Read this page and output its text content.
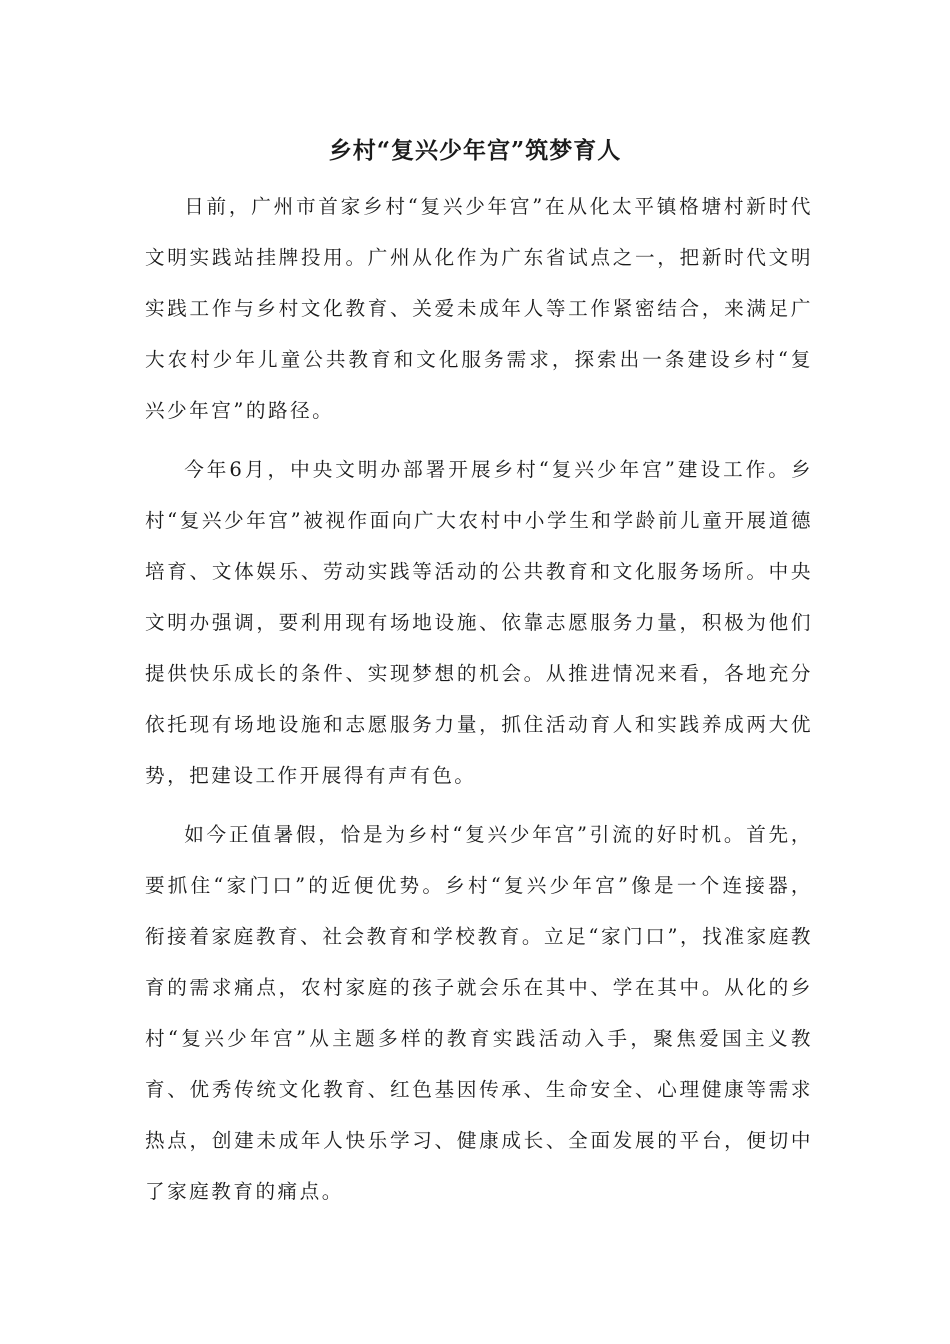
乡村“复兴少年宫”筑梦育人

日前，广州市首家乡村“复兴少年宫”在从化太平镇格塘村新时代文明实践站挂牌投用。广州从化作为广东省试点之一，把新时代文明实践工作与乡村文化教育、关爱未成年人等工作紧密结合，来满足广大农村少年儿童公共教育和文化服务需求，探索出一条建设乡村“复兴少年宫”的路径。

今年6月，中央文明办部署开展乡村“复兴少年宫”建设工作。乡村“复兴少年宫”被视作面向广大农村中小学生和学龄前儿童开展道德培育、文体娱乐、劳动实践等活动的公共教育和文化服务场所。中央文明办强调，要利用现有场地设施、依靠志愿服务力量，积极为他们提供快乐成长的条件、实现梦想的机会。从推进情况来看，各地充分依托现有场地设施和志愿服务力量，抓住活动育人和实践养成两大优势，把建设工作开展得有声有色。

如今正值暑假，恰是为乡村“复兴少年宫”引流的好时机。首先，要抓住“家门口”的近便优势。乡村“复兴少年宫”像是一个连接器，衔接着家庭教育、社会教育和学校教育。立足“家门口”，找准家庭教育的需求痛点，农村家庭的孩子就会乐在其中、学在其中。从化的乡村“复兴少年宫”从主题多样的教育实践活动入手，聚焦爱国主义教育、优秀传统文化教育、红色基因传承、生命安全、心理健康等需求热点，创建未成年人快乐学习、健康成长、全面发展的平台，便切中了家庭教育的痛点。
